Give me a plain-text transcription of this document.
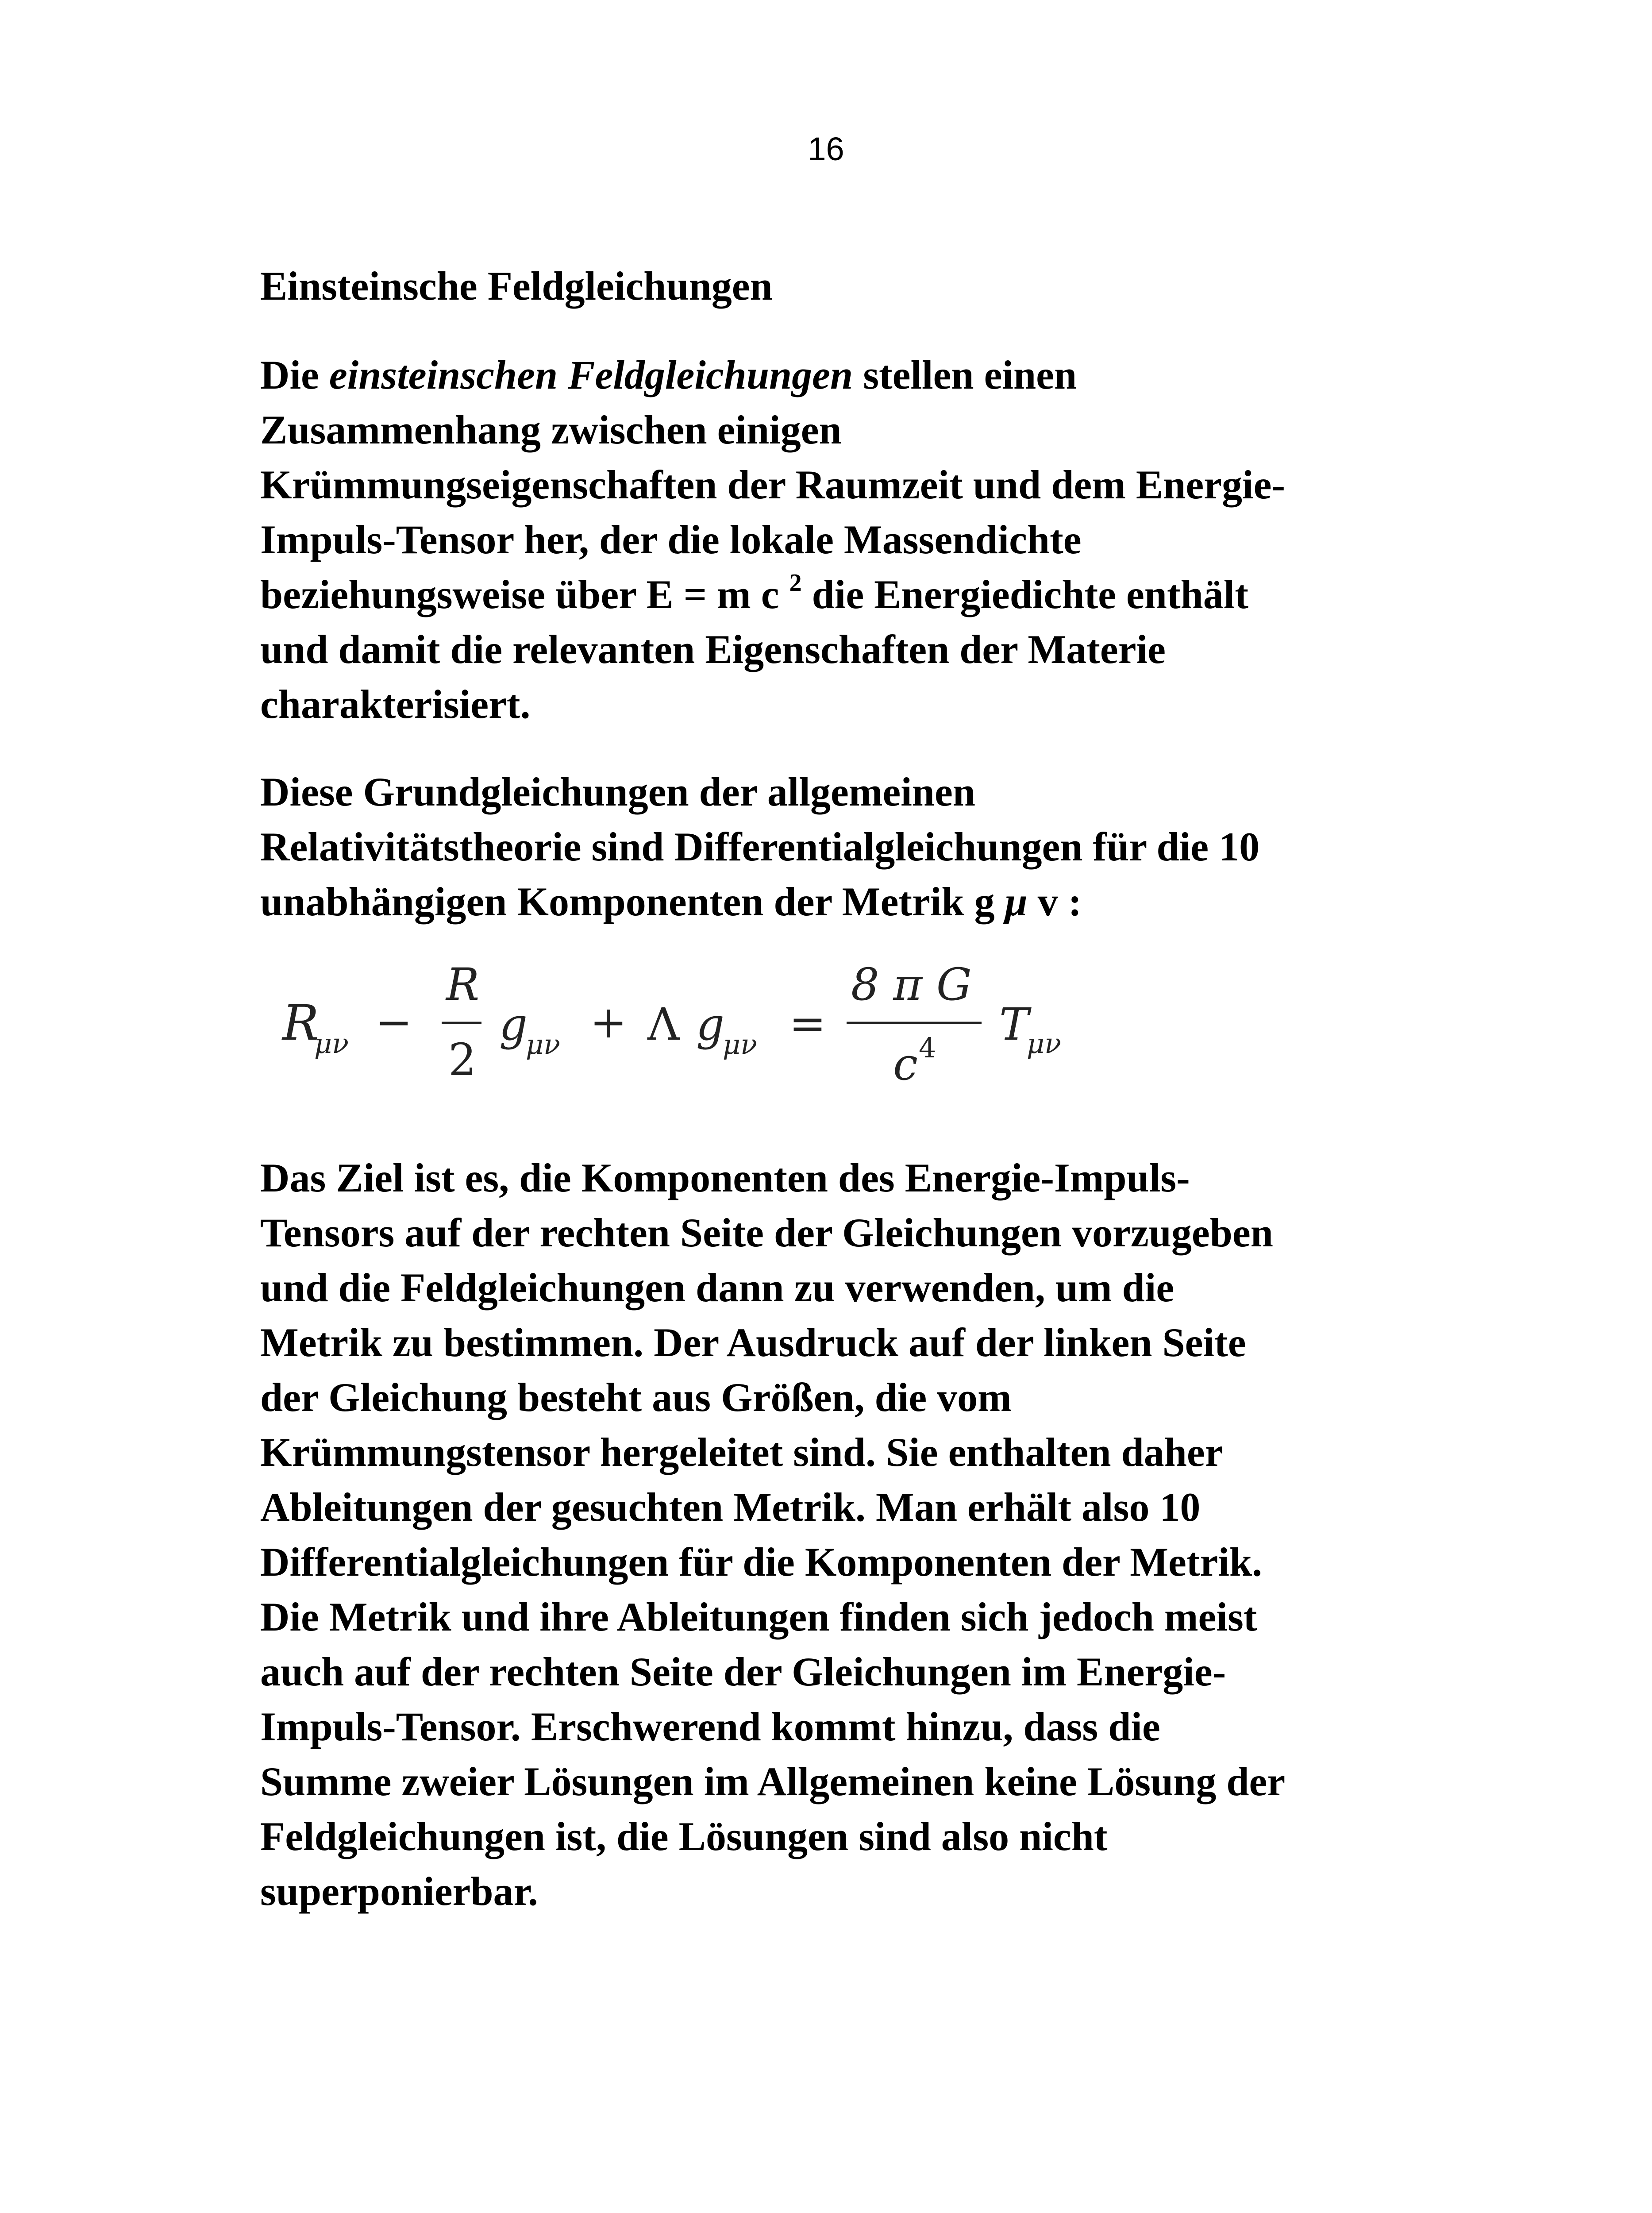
16
Einsteinsche Feldgleichungen

Die einsteinschen Feldgleichungen stellen einen
Zusammenhang zwischen einigen
Krümmungseigenschaften der Raumzeit und dem Energie-
Impuls-Tensor her, der die lokale Massendichte
beziehungsweise über E = m c $^2$ die Energiedichte enthält
und damit die relevanten Eigenschaften der Materie
charakterisiert.

Diese Grundgleichungen der allgemeinen
Relativitätstheorie sind Differentialgleichungen für die 10
unabhängigen Komponenten der Metrik g μ v :

R
μν −
R
2
g
μν + Λ g
μν =
8 π G
c 4 T
μν

Das Ziel ist es, die Komponenten des Energie-Impuls-
Tensors auf der rechten Seite der Gleichungen vorzugeben
und die Feldgleichungen dann zu verwenden, um die
Metrik zu bestimmen. Der Ausdruck auf der linken Seite
der Gleichung besteht aus Größen, die vom
Krümmungstensor hergeleitet sind. Sie enthalten daher
Ableitungen der gesuchten Metrik. Man erhält also 10
Differentialgleichungen für die Komponenten der Metrik.
Die Metrik und ihre Ableitungen finden sich jedoch meist
auch auf der rechten Seite der Gleichungen im Energie-
Impuls-Tensor. Erschwerend kommt hinzu, dass die
Summe zweier Lösungen im Allgemeinen keine Lösung der
Feldgleichungen ist, die Lösungen sind also nicht
superponierbar.
